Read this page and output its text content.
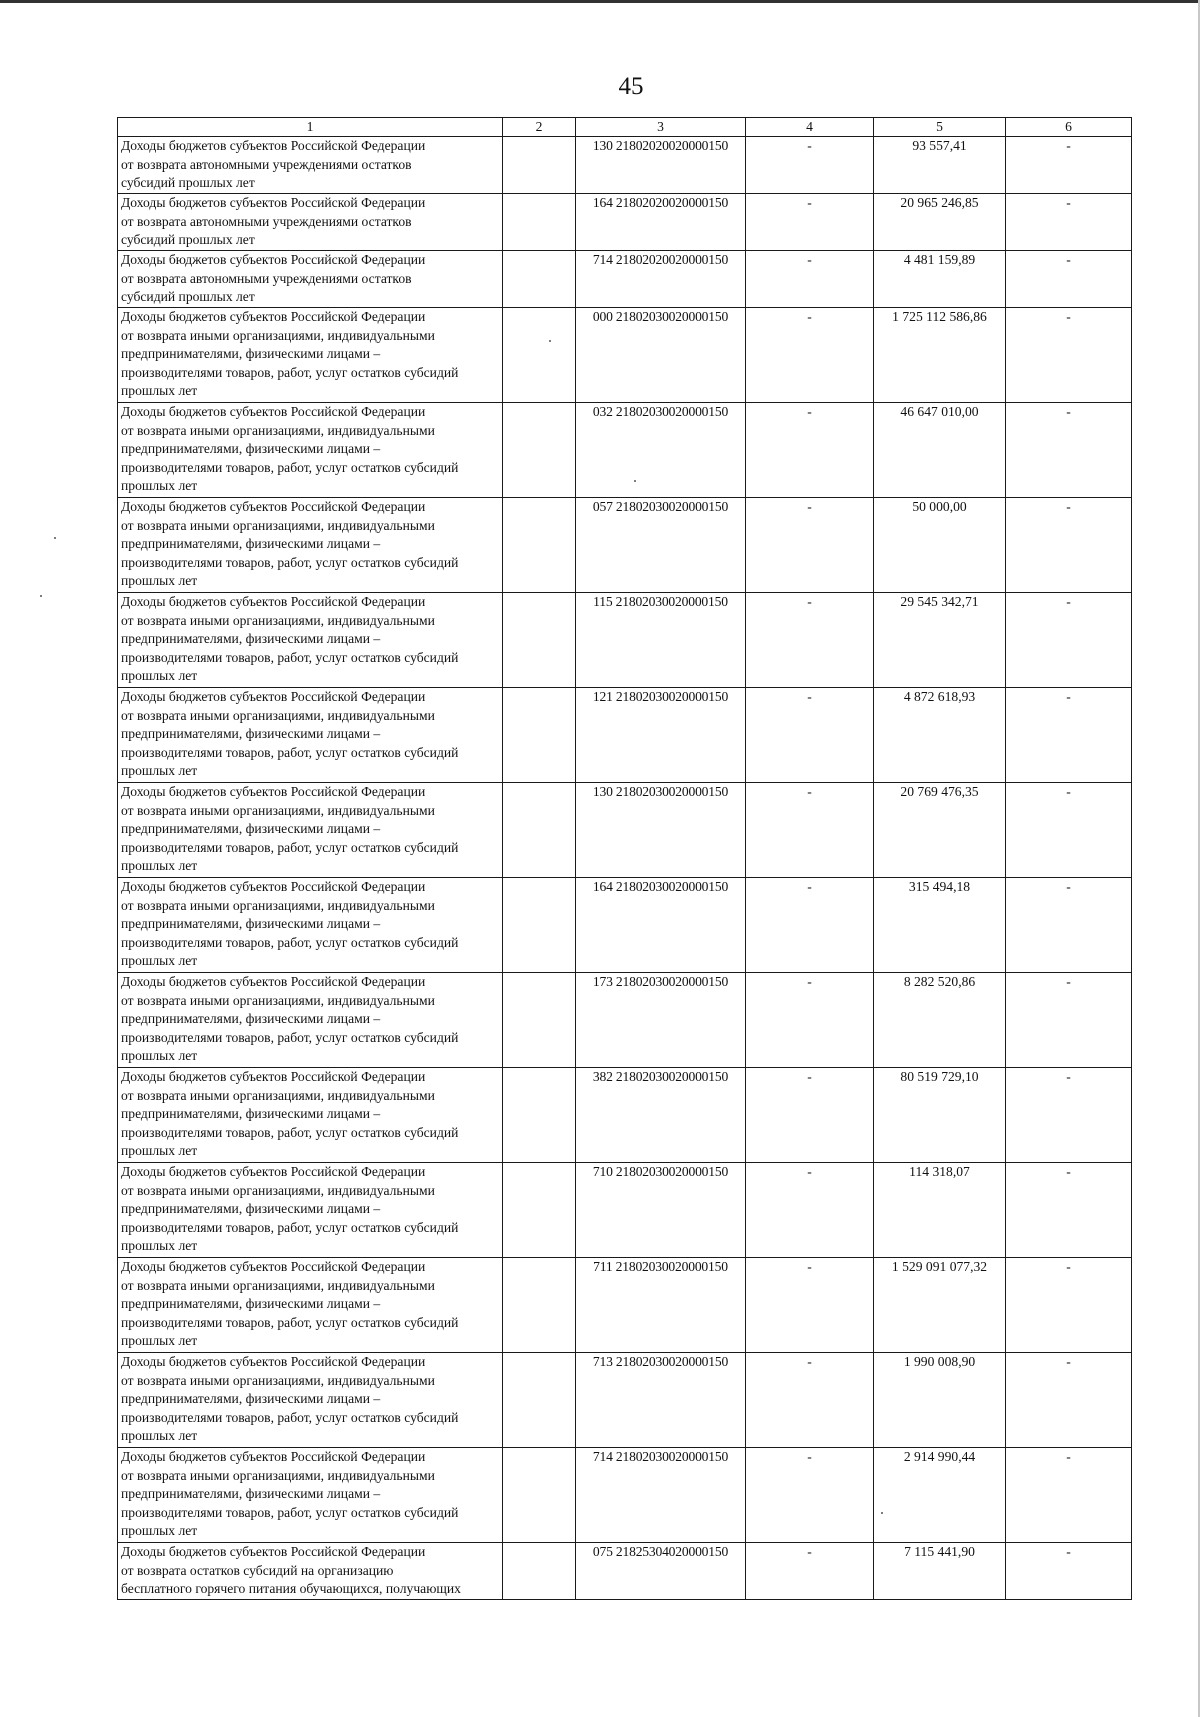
45
1	2	3	4	5	6
Доходы бюджетов субъектов Российской Федерации
от возврата автономными учреждениями остатков
субсидий прошлых лет		130 21802020020000150	-	93 557,41	-
Доходы бюджетов субъектов Российской Федерации
от возврата автономными учреждениями остатков
субсидий прошлых лет		164 21802020020000150	-	20 965 246,85	-
Доходы бюджетов субъектов Российской Федерации
от возврата автономными учреждениями остатков
субсидий прошлых лет		714 21802020020000150	-	4 481 159,89	-
Доходы бюджетов субъектов Российской Федерации
от возврата иными организациями, индивидуальными
предпринимателями, физическими лицами –
производителями товаров, работ, услуг остатков субсидий
прошлых лет		000 21802030020000150	-	1 725 112 586,86	-
Доходы бюджетов субъектов Российской Федерации
от возврата иными организациями, индивидуальными
предпринимателями, физическими лицами –
производителями товаров, работ, услуг остатков субсидий
прошлых лет		032 21802030020000150	-	46 647 010,00	-
Доходы бюджетов субъектов Российской Федерации
от возврата иными организациями, индивидуальными
предпринимателями, физическими лицами –
производителями товаров, работ, услуг остатков субсидий
прошлых лет		057 21802030020000150	-	50 000,00	-
Доходы бюджетов субъектов Российской Федерации
от возврата иными организациями, индивидуальными
предпринимателями, физическими лицами –
производителями товаров, работ, услуг остатков субсидий
прошлых лет		115 21802030020000150	-	29 545 342,71	-
Доходы бюджетов субъектов Российской Федерации
от возврата иными организациями, индивидуальными
предпринимателями, физическими лицами –
производителями товаров, работ, услуг остатков субсидий
прошлых лет		121 21802030020000150	-	4 872 618,93	-
Доходы бюджетов субъектов Российской Федерации
от возврата иными организациями, индивидуальными
предпринимателями, физическими лицами –
производителями товаров, работ, услуг остатков субсидий
прошлых лет		130 21802030020000150	-	20 769 476,35	-
Доходы бюджетов субъектов Российской Федерации
от возврата иными организациями, индивидуальными
предпринимателями, физическими лицами –
производителями товаров, работ, услуг остатков субсидий
прошлых лет		164 21802030020000150	-	315 494,18	-
Доходы бюджетов субъектов Российской Федерации
от возврата иными организациями, индивидуальными
предпринимателями, физическими лицами –
производителями товаров, работ, услуг остатков субсидий
прошлых лет		173 21802030020000150	-	8 282 520,86	-
Доходы бюджетов субъектов Российской Федерации
от возврата иными организациями, индивидуальными
предпринимателями, физическими лицами –
производителями товаров, работ, услуг остатков субсидий
прошлых лет		382 21802030020000150	-	80 519 729,10	-
Доходы бюджетов субъектов Российской Федерации
от возврата иными организациями, индивидуальными
предпринимателями, физическими лицами –
производителями товаров, работ, услуг остатков субсидий
прошлых лет		710 21802030020000150	-	114 318,07	-
Доходы бюджетов субъектов Российской Федерации
от возврата иными организациями, индивидуальными
предпринимателями, физическими лицами –
производителями товаров, работ, услуг остатков субсидий
прошлых лет		711 21802030020000150	-	1 529 091 077,32	-
Доходы бюджетов субъектов Российской Федерации
от возврата иными организациями, индивидуальными
предпринимателями, физическими лицами –
производителями товаров, работ, услуг остатков субсидий
прошлых лет		713 21802030020000150	-	1 990 008,90	-
Доходы бюджетов субъектов Российской Федерации
от возврата иными организациями, индивидуальными
предпринимателями, физическими лицами –
производителями товаров, работ, услуг остатков субсидий
прошлых лет		714 21802030020000150	-	2 914 990,44	-
Доходы бюджетов субъектов Российской Федерации
от возврата остатков субсидий на организацию
бесплатного горячего питания обучающихся, получающих		075 21825304020000150	-	7 115 441,90	-
